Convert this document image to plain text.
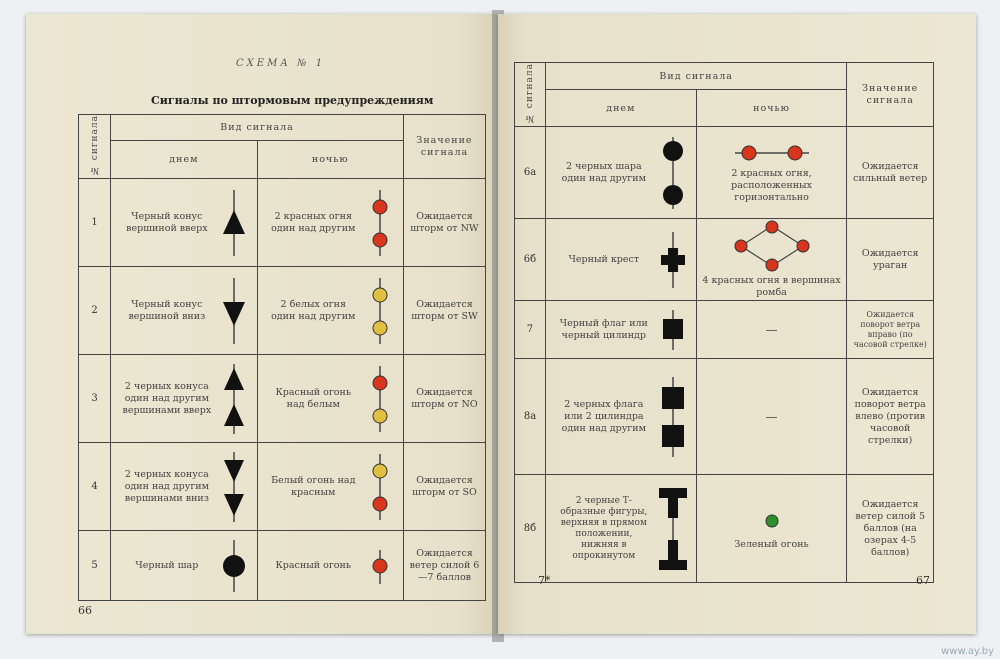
СХЕМА № 1
Сигналы по штормовым предупреждениям
№ сигнала	Вид сигнала		Значение сигнала
	днем	ночью	
1	Черный конус вершиной вверх	2 красных огня один над другим	Ожидается шторм от NW
2	Черный конус вершиной вниз	2 белых огня один над другим	Ожидается шторм от SW
3	2 черных конуса один над другим вершинами вверх	Красный огонь над белым	Ожидается шторм от NO
4	2 черных конуса один над другим вершинами вниз	Белый огонь над красным	Ожидается шторм от SO
5	Черный шар	Красный огонь	Ожидается ветер силой 6—7 баллов
66
№ сигнала	Вид сигнала		Значение сигнала
	днем	ночью	
6а	2 черных шара один над другим	2 красных огня, расположенных горизонтально	Ожидается сильный ветер
6б	Черный крест	4 красных огня в вершинах ромба	Ожидается ураган
7	Черный флаг или черный цилиндр	—	Ожидается поворот ветра вправо (по часовой стрелке)
8а	2 черных флага или 2 цилиндра один над другим	—	Ожидается поворот ветра влево (против часовой стрелки)
8б	2 черные Т-образные фигуры, верхняя в прямом положении, нижняя в опрокинутом	Зеленый огонь	Ожидается ветер силой 5 баллов (на озерах 4-5 баллов)
7*	67
www.ay.by
